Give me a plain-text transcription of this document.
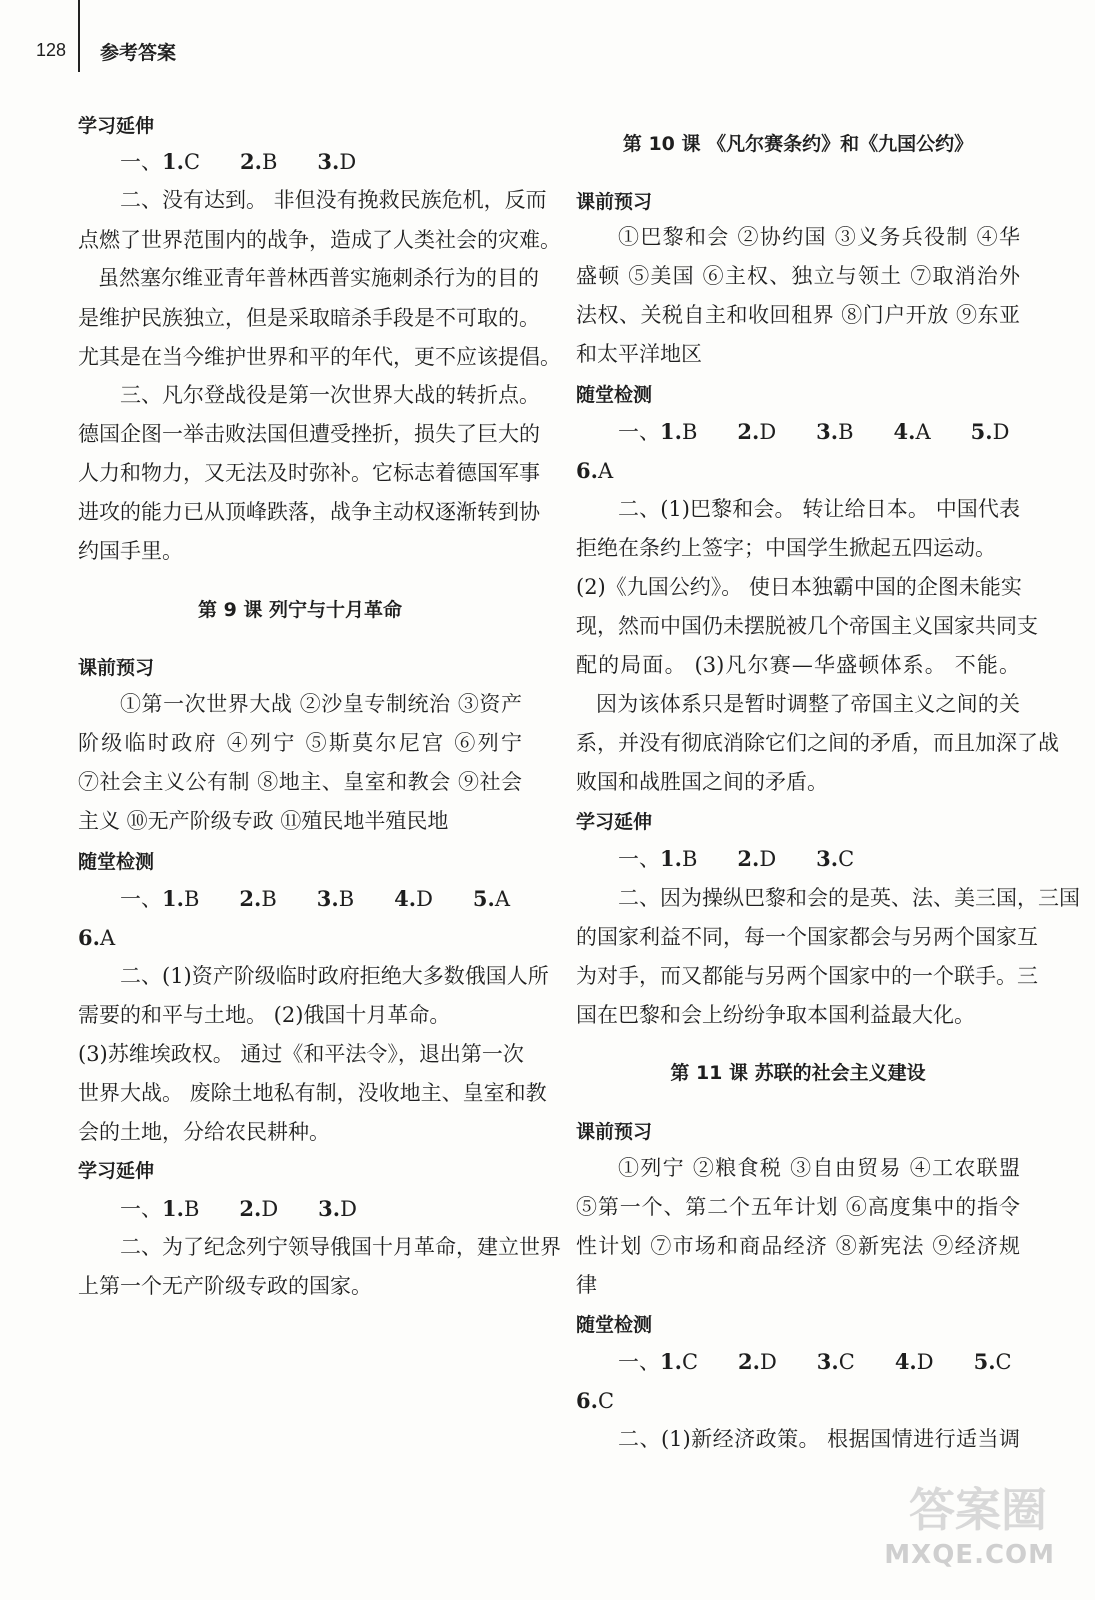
128 参考答案
学习延伸
一、1.C 2.B 3.D
二、没有达到。 非但没有挽救民族危机，反而
点燃了世界范围内的战争，造成了人类社会的灾难。
虽然塞尔维亚青年普林西普实施刺杀行为的目的
是维护民族独立，但是采取暗杀手段是不可取的。
尤其是在当今维护世界和平的年代，更不应该提倡。
三、凡尔登战役是第一次世界大战的转折点。
德国企图一举击败法国但遭受挫折，损失了巨大的
人力和物力，又无法及时弥补。它标志着德国军事
进攻的能力已从顶峰跌落，战争主动权逐渐转到协
约国手里。
第 9 课 列宁与十月革命
课前预习
①第一次世界大战 ②沙皇专制统治 ③资产
阶级临时政府 ④列宁 ⑤斯莫尔尼宫 ⑥列宁
⑦社会主义公有制 ⑧地主、皇室和教会 ⑨社会
主义 ⑩无产阶级专政 ⑪殖民地半殖民地
随堂检测
一、1.B 2.B 3.B 4.D 5.A
6.A
二、(1)资产阶级临时政府拒绝大多数俄国人所
需要的和平与土地。 (2)俄国十月革命。
(3)苏维埃政权。 通过《和平法令》，退出第一次
世界大战。 废除土地私有制，没收地主、皇室和教
会的土地，分给农民耕种。
学习延伸
一、1.B 2.D 3.D
二、为了纪念列宁领导俄国十月革命，建立世界
上第一个无产阶级专政的国家。
第 10 课 《凡尔赛条约》和《九国公约》
课前预习
①巴黎和会 ②协约国 ③义务兵役制 ④华
盛顿 ⑤美国 ⑥主权、独立与领土 ⑦取消治外
法权、关税自主和收回租界 ⑧门户开放 ⑨东亚
和太平洋地区
随堂检测
一、1.B 2.D 3.B 4.A 5.D
6.A
二、(1)巴黎和会。 转让给日本。 中国代表
拒绝在条约上签字；中国学生掀起五四运动。
(2)《九国公约》。 使日本独霸中国的企图未能实
现，然而中国仍未摆脱被几个帝国主义国家共同支
配的局面。 (3)凡尔赛—华盛顿体系。 不能。
因为该体系只是暂时调整了帝国主义之间的关
系，并没有彻底消除它们之间的矛盾，而且加深了战
败国和战胜国之间的矛盾。
学习延伸
一、1.B 2.D 3.C
二、因为操纵巴黎和会的是英、法、美三国，三国
的国家利益不同，每一个国家都会与另两个国家互
为对手，而又都能与另两个国家中的一个联手。三
国在巴黎和会上纷纷争取本国利益最大化。
第 11 课 苏联的社会主义建设
课前预习
①列宁 ②粮食税 ③自由贸易 ④工农联盟
⑤第一个、第二个五年计划 ⑥高度集中的指令
性计划 ⑦市场和商品经济 ⑧新宪法 ⑨经济规
律
随堂检测
一、1.C 2.D 3.C 4.D 5.C
6.C
二、(1)新经济政策。 根据国情进行适当调
答案圈
MXQE.COM
